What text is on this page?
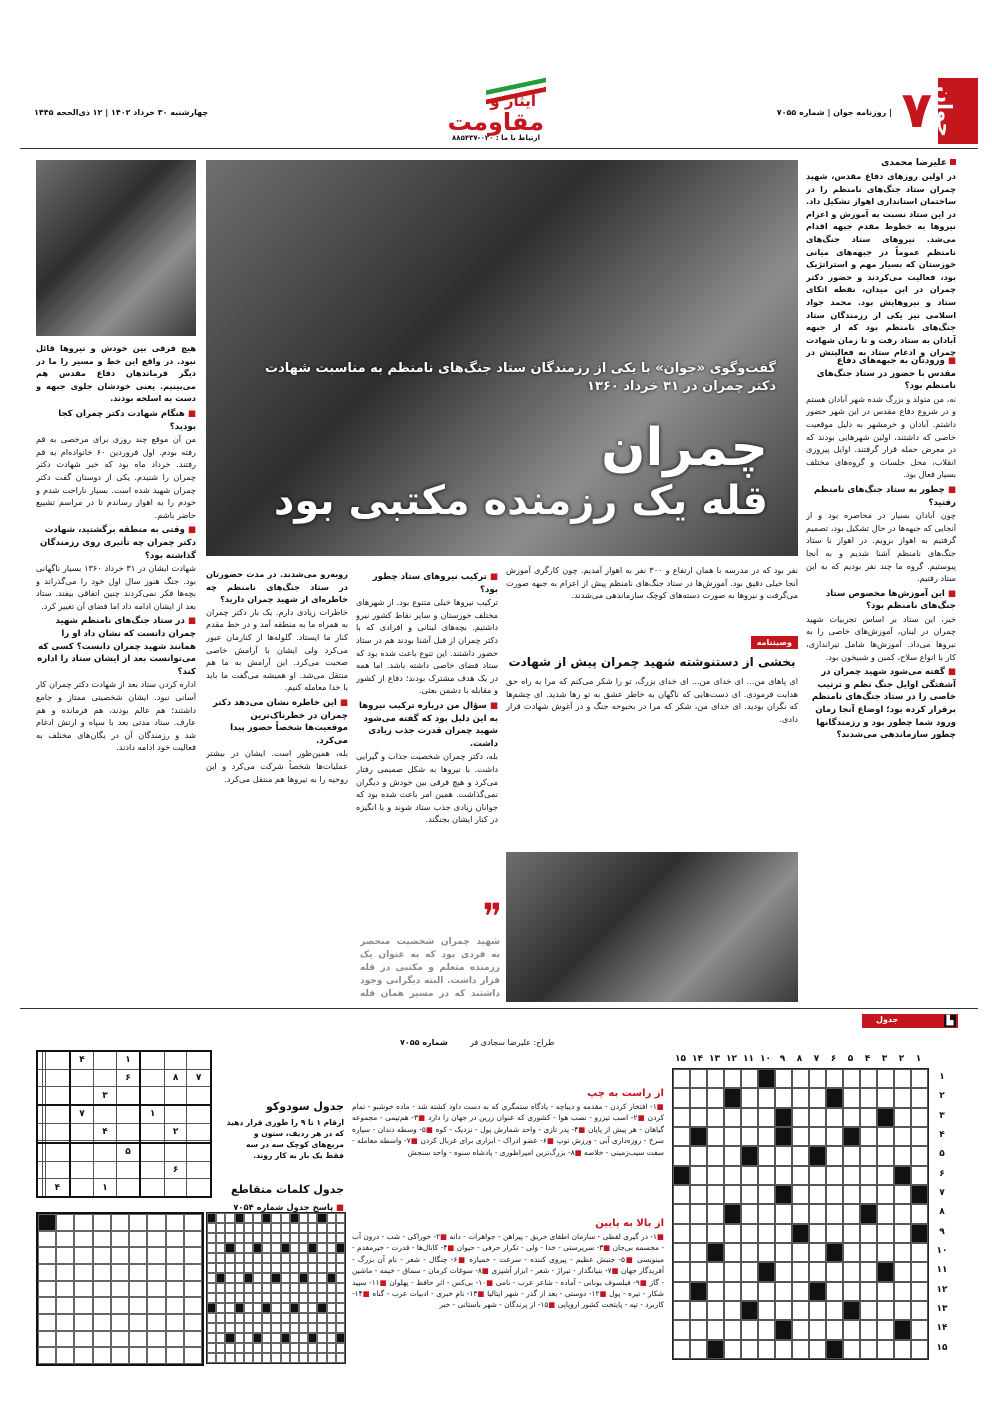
جوان
۷
| روزنامه جوان | شماره ۷۰۵۵
ایثار و
مقاومت
ارتباط با ما : ۰۲۰-۸۸۵۴۳۷
چهارشنبه ۳۰ خرداد ۱۴۰۲ | ۱۲ ذی‌الحجه ۱۴۴۵
علیرضا محمدی
در اولین روزهای دفاع مقدس، شهید چمران ستاد جنگ‌های نامنظم را در ساختمان استانداری اهواز تشکیل داد. در این ستاد نسبت به آموزش و اعزام نیروها به خطوط مقدم جبهه اقدام می‌شد. نیروهای ستاد جنگ‌های نامنظم عموماً در جبهه‌های میانی خوزستان که بسیار مهم و استراتژیک بود، فعالیت می‌کردند و حضور دکتر چمران در این میدان، نقطه اتکای ستاد و نیروهایش بود. محمد جواد اسلامی نیز یکی از رزمندگان ستاد جنگ‌های نامنظم بود که از جبهه آبادان به ستاد رفت و تا زمان شهادت چمران و ادغام ستاد به فعالیتش در
گفت‌وگوی «جوان» با یکی از رزمندگان ستاد جنگ‌های نامنظم به مناسبت شهادت دکتر چمران در ۳۱ خرداد ۱۳۶۰
چمران
قله یک رزمنده مکتبی بود
■ ورودتان به جبهه‌های دفاع مقدس با حضور در ستاد جنگ‌های نامنظم بود؟
نه، من متولد و بزرگ شده شهر آبادان هستم و در شروع دفاع مقدس در این شهر حضور داشتم. آبادان و خرمشهر به دلیل موقعیت خاصی که داشتند، اولین شهرهایی بودند که در معرض حمله قرار گرفتند. اوایل پیروزی انقلاب، محل جلسات و گروه‌های مختلف بسیار فعال بود.
■ چطور به ستاد جنگ‌های نامنظم رفتید؟
چون آبادان بسیار در محاصره بود و از آنجایی که جبهه‌ها در حال تشکیل بود، تصمیم گرفتیم به اهواز برویم. در اهواز با ستاد جنگ‌های نامنظم آشنا شدیم و به آنجا پیوستیم. گروه ما چند نفر بودیم که به این ستاد رفتیم.
■ این آموزش‌ها مخصوص ستاد جنگ‌های نامنظم بود؟
خیر، این ستاد بر اساس تجربیات شهید چمران در لبنان، آموزش‌های خاصی را به نیروها می‌داد. آموزش‌ها شامل تیراندازی، کار با انواع سلاح، کمین و شبیخون بود.
■ گفته می‌شود شهید چمران در آشفتگی اوایل جنگ نظم و ترتیب خاصی را در ستاد جنگ‌های نامنظم برقرار کرده بود؛ اوضاع آنجا زمان ورود شما چطور بود و رزمندگانها چطور سازماندهی می‌شدند؟
هیچ فرقی بین خودش و نیروها قائل نبود. در واقع این خط و مسیر را ما در دیگر فرماندهان دفاع مقدس هم می‌بینیم. یعنی خودشان جلوی جبهه و دست به اسلحه بودند.
■ هنگام شهادت دکتر چمران کجا بودید؟
من آن موقع چند روزی برای مرخصی به قم رفته بودم. اول فروردین ۶۰ خانواده‌ام به قم رفتند. خرداد ماه بود که خبر شهادت دکتر چمران را شنیدم. یکی از دوستان گفت دکتر چمران شهید شده است. بسیار ناراحت شدم و خودم را به اهواز رساندم تا در مراسم تشییع حاضر باشم.
■ وقتی به منطقه برگشتید، شهادت دکتر چمران چه تأثیری روی رزمندگان گذاشته بود؟
شهادت ایشان در ۳۱ خرداد ۱۳۶۰ بسیار ناگهانی بود. جنگ هنوز سال اول خود را می‌گذراند و بچه‌ها فکر نمی‌کردند چنین اتفاقی بیفتد. ستاد بعد از ایشان ادامه داد اما فضای آن تغییر کرد.
■ در ستاد جنگ‌های نامنظم شهید چمران دانست که نشان داد او را همانند شهید چمران دانست؟ کسی که می‌توانست بعد از ایشان ستاد را اداره کند؟
اداره کردن ستاد بعد از شهادت دکتر چمران کار آسانی نبود. ایشان شخصیتی ممتاز و جامع داشتند؛ هم عالم بودند، هم فرمانده و هم عارف. ستاد مدتی بعد با سپاه و ارتش ادغام شد و رزمندگان آن در یگان‌های مختلف به فعالیت خود ادامه دادند.
نفر بود که در مدرسه با همان ارتفاع و ۳۰۰ نفر به اهواز آمدیم. چون کارگری آموزش آنجا خیلی دقیق بود. آموزش‌ها در ستاد جنگ‌های نامنظم پیش از اعزام به جبهه صورت می‌گرفت و نیروها به صورت دسته‌های کوچک سازماندهی می‌شدند.
وصیتنامه
بخشی از دستنوشته شهید چمران پیش از شهادت
ای پاهای من... ای خدای من... ای خدای بزرگ، تو را شکر می‌کنم که مرا به راه حق هدایت فرمودی. ای دست‌هایی که ناگهان به خاطر عشق به تو رها شدید. ای چشم‌ها که نگران بودید. ای خدای من، شکر که مرا در بحبوحه جنگ و در آغوش شهادت قرار دادی.
■ ترکیب نیروهای ستاد چطور بود؟
ترکیب نیروها خیلی متنوع بود. از شهرهای مختلف خوزستان و سایر نقاط کشور نیرو داشتیم. بچه‌های لبنانی و افرادی که با دکتر چمران از قبل آشنا بودند هم در ستاد حضور داشتند. این تنوع باعث شده بود که ستاد فضای خاصی داشته باشد. اما همه در یک هدف مشترک بودند؛ دفاع از کشور و مقابله با دشمن بعثی.
■ سؤال من درباره ترکیب نیروها به این دلیل بود که گفته می‌شود شهید چمران قدرت جذب زیادی داشت.
بله، دکتر چمران شخصیت جذاب و گیرایی داشت. با نیروها به شکل صمیمی رفتار می‌کرد و هیچ فرقی بین خودش و دیگران نمی‌گذاشت. همین امر باعث شده بود که جوانان زیادی جذب ستاد شوند و با انگیزه در کنار ایشان بجنگند.
روبه‌رو می‌شدند. در مدت حضورتان در ستاد جنگ‌های نامنظم چه خاطره‌ای از شهید چمران دارید؟
خاطرات زیادی دارم. یک بار دکتر چمران به همراه ما به منطقه آمد و در خط مقدم کنار ما ایستاد. گلوله‌ها از کنارمان عبور می‌کرد ولی ایشان با آرامش خاصی صحبت می‌کرد. این آرامش به ما هم منتقل می‌شد. او همیشه می‌گفت ما باید با خدا معامله کنیم.
■ این خاطره نشان می‌دهد دکتر چمران در خطرناک‌ترین موقعیت‌ها شخصاً حضور پیدا می‌کرد.
بله، همین‌طور است. ایشان در بیشتر عملیات‌ها شخصاً شرکت می‌کرد و این روحیه را به نیروها هم منتقل می‌کرد.
❞
شهید چمران شخصیت منحصر به فردی بود که به عنوان یک رزمنده متعلم و مکتبی در قله قرار داشت. البته دیگرانی وجود داشتند که در مسیر همان قله
شماره ۷۰۵۵	طراح: علیرضا سجادی فر
جدول	▙
۱
۲
۳
۴
۵
۶
۷
۸
۹
۱۰
۱۱
۱۲
۱۳
۱۴
۱۵
۱
۲
۳
۴
۵
۶
۷
۸
۹
۱۰
۱۱
۱۲
۱۳
۱۴
۱۵
از راست به چپ
■۱- افتخار کردن - مقدمه و دیباچه - یادگاه ستمگری که به دست داود کشته شد - ماده خوشبو - تمام کردن ■۲- اسب تیزرو - نصب هوا - کشوری که عنوان زرین در جهان را دارد ■۳- هم‌تیمی - مجموعه گیاهان - هر پیش از پایان ■۴- پدر تازی - واحد شمارش پول - نزدیک - کوه ■۵- وسطه دندان - سیاره سرخ - روزه‌داری آبی - ورزش توپ ■۶- عضو ادراک - ابزاری برای غربال کردن ■۷- واسطه معامله - سفت سیب‌زمینی - خلاصه ■۸- بزرگ‌ترین امپراطوری - پادشاه سنوه - واحد سنجش
از بالا به پایین
■۱- در گیری لفظی - سازمان اطفای حریق - پیراهن - جواهرات - دانه ■۲- خوراکی - شب - درون آب - مجسمه بی‌جان ■۳- سرپرستی - خدا - ولی - تکرار حرفی - حیوان ■۴- کانال‌ها - قدرت - خیرمقدم - مینویسی ■۵- جنبش عظیم - پیروی کننده - سرعت - خمیازه ■۶- چنگال - شعر - نام آن بزرگ - آفریدگار جهان ■۷- بنیانگذار - تیراژ - شعر - ابزار آشپزی ■۸- سوغات کرمان - سماق - خیمه - ماشین - گاز ■۹- فیلسوف یونانی - آماده - شاعر عرب - نامی ■۱۰- بی‌کس - اثر حافظ - پهلوان ■۱۱- سپید شکار - تیره - پول ■۱۲- دوستی - بعد از گذر - شهر ایتالیا ■۱۳- نام خبری - ادبیات عرب - گناه ■۱۴- کاربرد - تپه - پایتخت کشور اروپایی ■۱۵- از پرندگان - شهر باستانی - خبر
جدول سودوکو
ارقام ۱ تا ۹ را طوری قرار دهید که در هر ردیف، ستون و مربع‌های کوچک سه در سه فقط یک بار به کار روند.
جدول کلمات متقاطع
■ پاسخ جدول شماره ۷۰۵۴
			۴		۱			
					۶		۸	۷
				۳				
			۷			۱		
				۴			۲	

					۵			
							۶	
		۴		۱				
